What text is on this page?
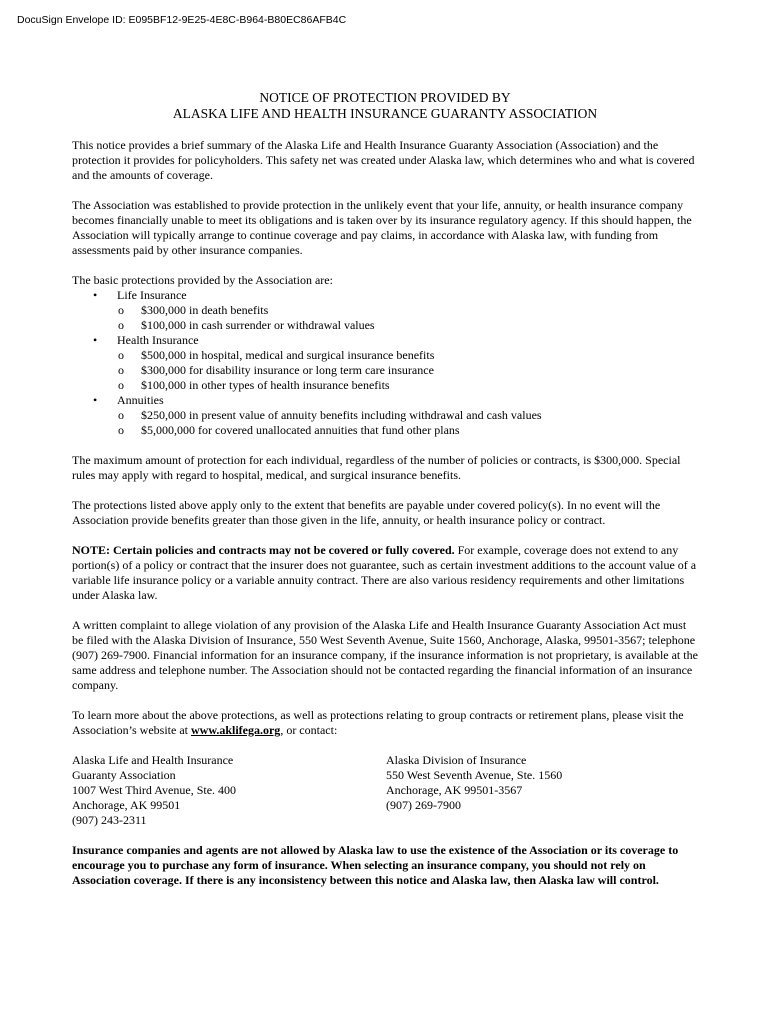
DocuSign Envelope ID: E095BF12-9E25-4E8C-B964-B80EC86AFB4C
NOTICE OF PROTECTION PROVIDED BY
ALASKA LIFE AND HEALTH INSURANCE GUARANTY ASSOCIATION

This notice provides a brief summary of the Alaska Life and Health Insurance Guaranty Association (Association) and the protection it provides for policyholders. This safety net was created under Alaska law, which determines who and what is covered and the amounts of coverage.

The Association was established to provide protection in the unlikely event that your life, annuity, or health insurance company becomes financially unable to meet its obligations and is taken over by its insurance regulatory agency. If this should happen, the Association will typically arrange to continue coverage and pay claims, in accordance with Alaska law, with funding from assessments paid by other insurance companies.

The basic protections provided by the Association are:

• Life Insurance
o $300,000 in death benefits
o $100,000 in cash surrender or withdrawal values
• Health Insurance
o $500,000 in hospital, medical and surgical insurance benefits
o $300,000 for disability insurance or long term care insurance
o $100,000 in other types of health insurance benefits
• Annuities
o $250,000 in present value of annuity benefits including withdrawal and cash values
o $5,000,000 for covered unallocated annuities that fund other plans

The maximum amount of protection for each individual, regardless of the number of policies or contracts, is $300,000. Special rules may apply with regard to hospital, medical, and surgical insurance benefits.

The protections listed above apply only to the extent that benefits are payable under covered policy(s). In no event will the Association provide benefits greater than those given in the life, annuity, or health insurance policy or contract.

NOTE: Certain policies and contracts may not be covered or fully covered. For example, coverage does not extend to any portion(s) of a policy or contract that the insurer does not guarantee, such as certain investment additions to the account value of a variable life insurance policy or a variable annuity contract. There are also various residency requirements and other limitations under Alaska law.

A written complaint to allege violation of any provision of the Alaska Life and Health Insurance Guaranty Association Act must be filed with the Alaska Division of Insurance, 550 West Seventh Avenue, Suite 1560, Anchorage, Alaska, 99501-3567; telephone (907) 269-7900. Financial information for an insurance company, if the insurance information is not proprietary, is available at the same address and telephone number. The Association should not be contacted regarding the financial information of an insurance company.

To learn more about the above protections, as well as protections relating to group contracts or retirement plans, please visit the Association’s website at www.aklifega.org, or contact:

Alaska Life and Health Insurance
Guaranty Association
1007 West Third Avenue, Ste. 400
Anchorage, AK 99501
(907) 243-2311
Alaska Division of Insurance
550 West Seventh Avenue, Ste. 1560
Anchorage, AK 99501-3567
(907) 269-7900

Insurance companies and agents are not allowed by Alaska law to use the existence of the Association or its coverage to encourage you to purchase any form of insurance. When selecting an insurance company, you should not rely on Association coverage. If there is any inconsistency between this notice and Alaska law, then Alaska law will control.
